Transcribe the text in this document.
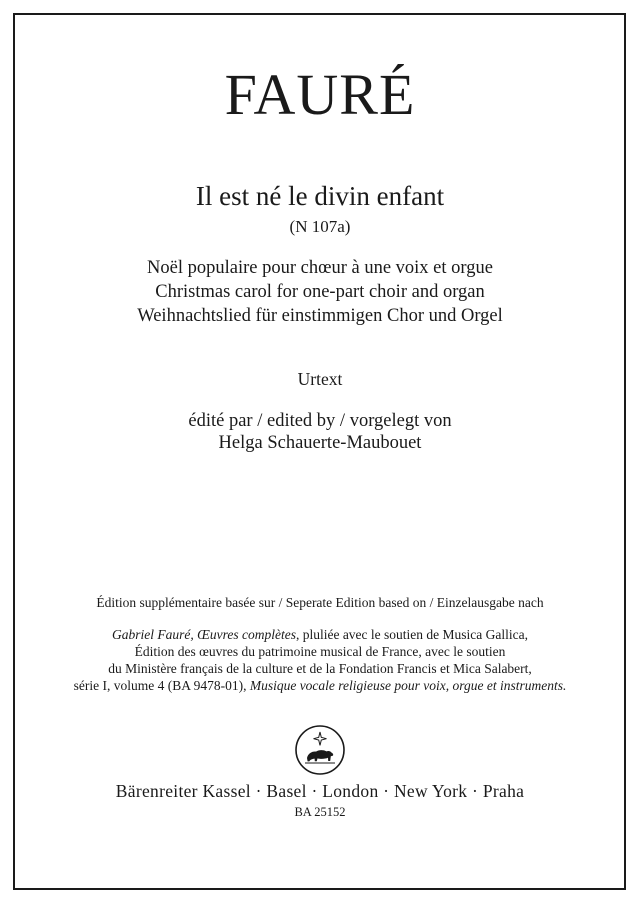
FAURÉ
Il est né le divin enfant
(N 107a)
Noël populaire pour chœur à une voix et orgue
Christmas carol for one-part choir and organ
Weihnachtslied für einstimmigen Chor und Orgel
Urtext
édité par / edited by / vorgelegt von
Helga Schauerte-Maubouet
Édition supplémentaire basée sur / Seperate Edition based on / Einzelausgabe nach
Gabriel Fauré, Œuvres complètes, pluliée avec le soutien de Musica Gallica,
Édition des œuvres du patrimoine musical de France, avec le soutien
du Ministère français de la culture et de la Fondation Francis et Mica Salabert,
série I, volume 4 (BA 9478-01), Musique vocale religieuse pour voix, orgue et instruments.
Bärenreiter Kassel · Basel · London · New York · Praha
BA 25152
